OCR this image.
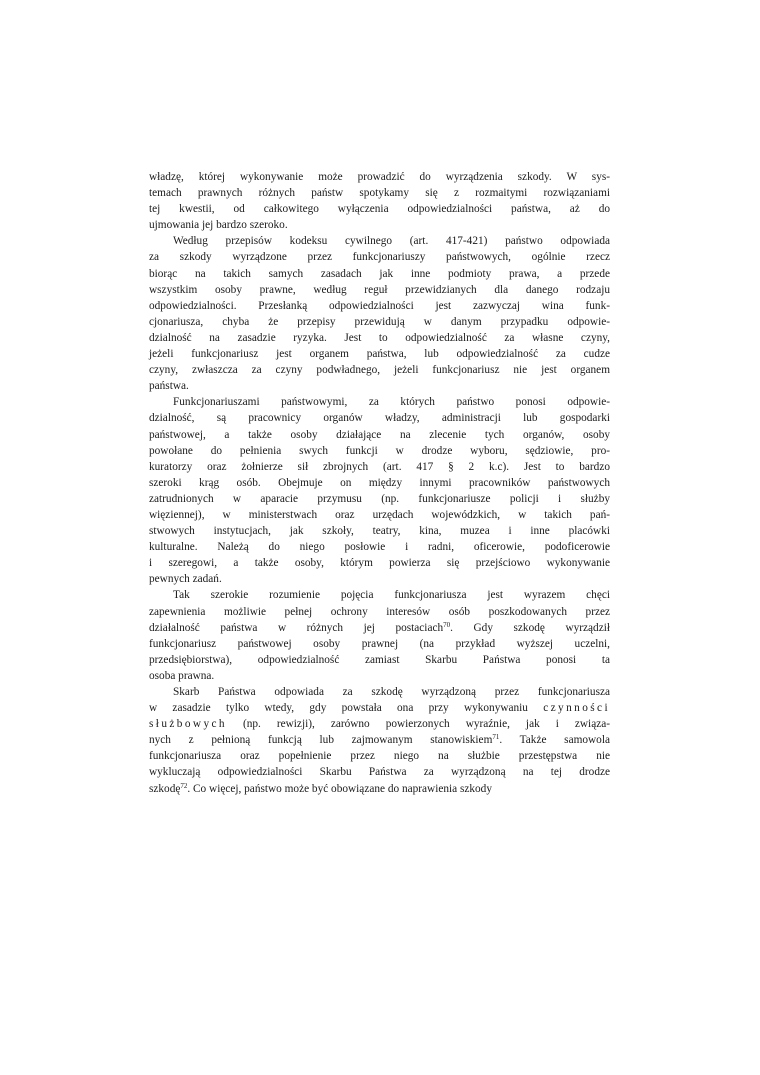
władzę, której wykonywanie może prowadzić do wyrządzenia szkody. W sys-
temach prawnych różnych państw spotykamy się z rozmaitymi rozwiązaniami
tej kwestii, od całkowitego wyłączenia odpowiedzialności państwa, aż do
ujmowania jej bardzo szeroko.
Według przepisów kodeksu cywilnego (art. 417-421) państwo odpowiada
za szkody wyrządzone przez funkcjonariuszy państwowych, ogólnie rzecz
biorąc na takich samych zasadach jak inne podmioty prawa, a przede
wszystkim osoby prawne, według reguł przewidzianych dla danego rodzaju
odpowiedzialności. Przesłanką odpowiedzialności jest zazwyczaj wina funk-
cjonariusza, chyba że przepisy przewidują w danym przypadku odpowie-
dzialność na zasadzie ryzyka. Jest to odpowiedzialność za własne czyny,
jeżeli funkcjonariusz jest organem państwa, lub odpowiedzialność za cudze
czyny, zwłaszcza za czyny podwładnego, jeżeli funkcjonariusz nie jest organem
państwa.
Funkcjonariuszami państwowymi, za których państwo ponosi odpowie-
dzialność, są pracownicy organów władzy, administracji lub gospodarki
państwowej, a także osoby działające na zlecenie tych organów, osoby
powołane do pełnienia swych funkcji w drodze wyboru, sędziowie, pro-
kuratorzy oraz żołnierze sił zbrojnych (art. 417 § 2 k.c). Jest to bardzo
szeroki krąg osób. Obejmuje on między innymi pracowników państwowych
zatrudnionych w aparacie przymusu (np. funkcjonariusze policji i służby
więziennej), w ministerstwach oraz urzędach wojewódzkich, w takich pań-
stwowych instytucjach, jak szkoły, teatry, kina, muzea i inne placówki
kulturalne. Należą do niego posłowie i radni, oficerowie, podoficerowie
i szeregowi, a także osoby, którym powierza się przejściowo wykonywanie
pewnych zadań.
Tak szerokie rozumienie pojęcia funkcjonariusza jest wyrazem chęci
zapewnienia możliwie pełnej ochrony interesów osób poszkodowanych przez
działalność państwa w różnych jej postaciach$^{70}$. Gdy szkodę wyrządził
funkcjonariusz państwowej osoby prawnej (na przykład wyższej uczelni,
przedsiębiorstwa), odpowiedzialność zamiast Skarbu Państwa ponosi ta
osoba prawna.
Skarb Państwa odpowiada za szkodę wyrządzoną przez funkcjonariusza
w zasadzie tylko wtedy, gdy powstała ona przy wykonywaniu czynności
służbowych (np. rewizji), zarówno powierzonych wyraźnie, jak i związa-
nych z pełnioną funkcją lub zajmowanym stanowiskiem$^{71}$. Także samowola
funkcjonariusza oraz popełnienie przez niego na służbie przestępstwa nie
wykluczają odpowiedzialności Skarbu Państwa za wyrządzoną na tej drodze
szkodę$^{72}$. Co więcej, państwo może być obowiązane do naprawienia szkody
